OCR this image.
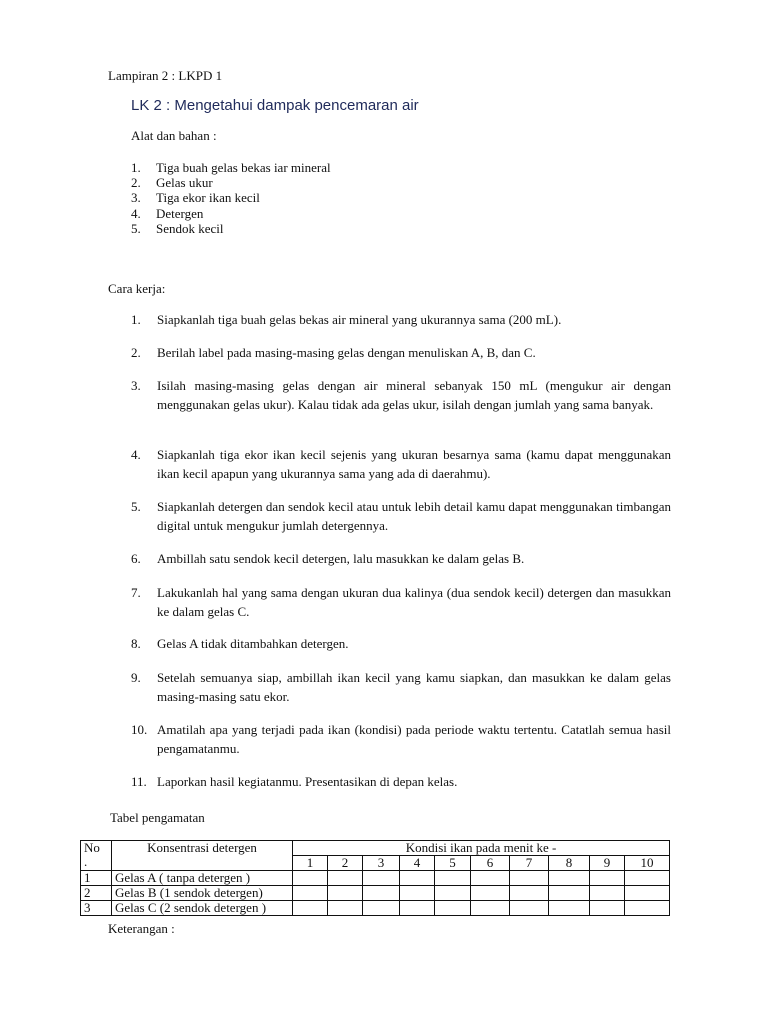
Lampiran 2 : LKPD 1
LK 2 : Mengetahui dampak pencemaran air
Alat dan bahan :
1.	Tiga buah gelas bekas iar mineral
2.	Gelas ukur
3.	Tiga ekor ikan kecil
4.	Detergen
5.	Sendok kecil
Cara kerja:
1. Siapkanlah tiga buah gelas bekas air mineral yang ukurannya sama (200 mL).
2. Berilah label pada masing-masing gelas dengan menuliskan A, B, dan C.
3. Isilah masing-masing gelas dengan air mineral sebanyak 150 mL (mengukur air dengan menggunakan gelas ukur). Kalau tidak ada gelas ukur, isilah dengan jumlah yang sama banyak.
4. Siapkanlah tiga ekor ikan kecil sejenis yang ukuran besarnya sama (kamu dapat menggunakan ikan kecil apapun yang ukurannya sama yang ada di daerahmu).
5. Siapkanlah detergen dan sendok kecil atau untuk lebih detail kamu dapat menggunakan timbangan digital untuk mengukur jumlah detergennya.
6. Ambillah satu sendok kecil detergen, lalu masukkan ke dalam gelas B.
7. Lakukanlah hal yang sama dengan ukuran dua kalinya (dua sendok kecil) detergen dan masukkan ke dalam gelas C.
8. Gelas A tidak ditambahkan detergen.
9. Setelah semuanya siap, ambillah ikan kecil yang kamu siapkan, dan masukkan ke dalam gelas masing-masing satu ekor.
10. Amatilah apa yang terjadi pada ikan (kondisi) pada periode waktu tertentu. Catatlah semua hasil pengamatanmu.
11. Laporkan hasil kegiatanmu. Presentasikan di depan kelas.
Tabel pengamatan
No
.	Konsentrasi detergen	Kondisi ikan pada menit ke -									
		1	2	3	4	5	6	7	8	9	10
1	Gelas A ( tanpa detergen )										
2	Gelas B (1 sendok detergen)										
3	Gelas C (2 sendok detergen )										
Keterangan :
